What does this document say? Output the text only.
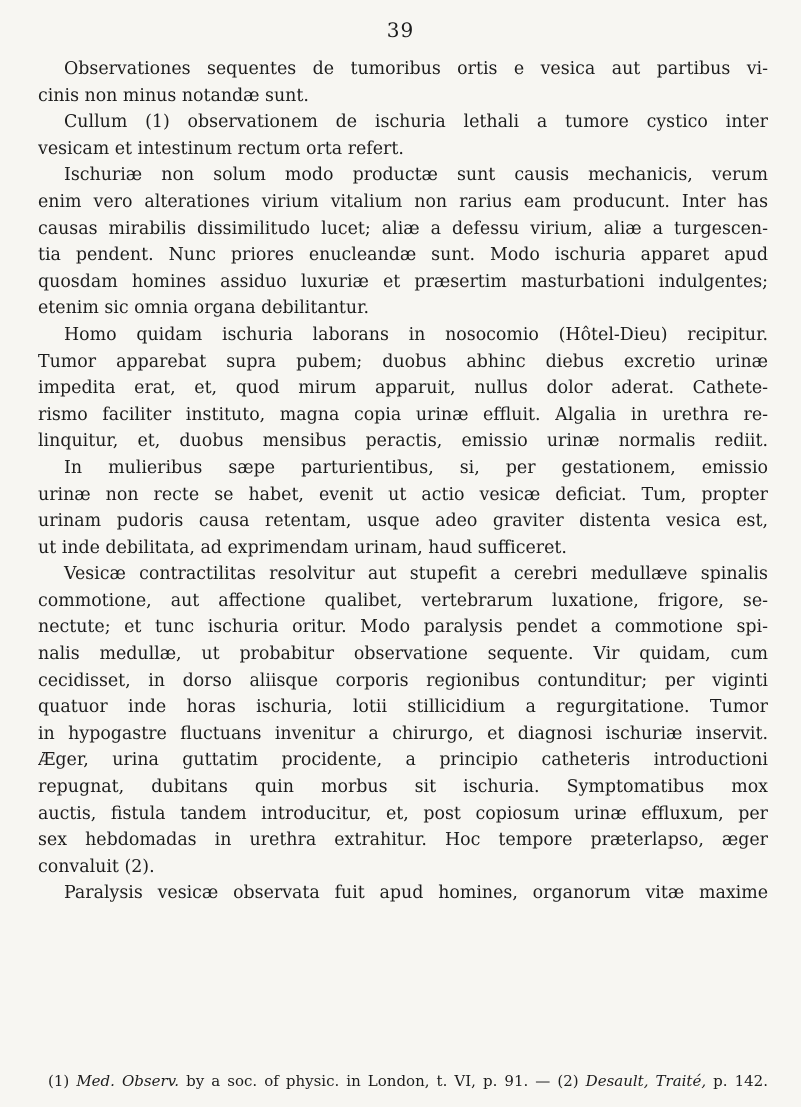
39
Observationes sequentes de tumoribus ortis e vesica aut partibus vi-
cinis non minus notandæ sunt.
Cullum (1) observationem de ischuria lethali a tumore cystico inter
vesicam et intestinum rectum orta refert.
Ischuriæ non solum modo productæ sunt causis mechanicis, verum
enim vero alterationes virium vitalium non rarius eam producunt. Inter has
causas mirabilis dissimilitudo lucet; aliæ a defessu virium, aliæ a turgescen-
tia pendent. Nunc priores enucleandæ sunt. Modo ischuria apparet apud
quosdam homines assiduo luxuriæ et præsertim masturbationi indulgentes;
etenim sic omnia organa debilitantur.
Homo quidam ischuria laborans in nosocomio (Hôtel-Dieu) recipitur.
Tumor apparebat supra pubem; duobus abhinc diebus excretio urinæ
impedita erat, et, quod mirum apparuit, nullus dolor aderat. Cathete-
rismo faciliter instituto, magna copia urinæ effluit. Algalia in urethra re-
linquitur, et, duobus mensibus peractis, emissio urinæ normalis rediit.
In mulieribus sæpe parturientibus, si, per gestationem, emissio
urinæ non recte se habet, evenit ut actio vesicæ deficiat. Tum, propter
urinam pudoris causa retentam, usque adeo graviter distenta vesica est,
ut inde debilitata, ad exprimendam urinam, haud sufficeret.
Vesicæ contractilitas resolvitur aut stupefit a cerebri medullæve spinalis
commotione, aut affectione qualibet, vertebrarum luxatione, frigore, se-
nectute; et tunc ischuria oritur. Modo paralysis pendet a commotione spi-
nalis medullæ, ut probabitur observatione sequente. Vir quidam, cum
cecidisset, in dorso aliisque corporis regionibus contunditur; per viginti
quatuor inde horas ischuria, lotii stillicidium a regurgitatione. Tumor
in hypogastre fluctuans invenitur a chirurgo, et diagnosi ischuriæ inservit.
Æger, urina guttatim procidente, a principio catheteris introductioni
repugnat, dubitans quin morbus sit ischuria. Symptomatibus mox
auctis, fistula tandem introducitur, et, post copiosum urinæ effluxum, per
sex hebdomadas in urethra extrahitur. Hoc tempore præterlapso, æger
convaluit (2).
Paralysis vesicæ observata fuit apud homines, organorum vitæ maxime
(1) Med. Observ. by a soc. of physic. in London, t. VI, p. 91. — (2) Desault, Traité, p. 142.
